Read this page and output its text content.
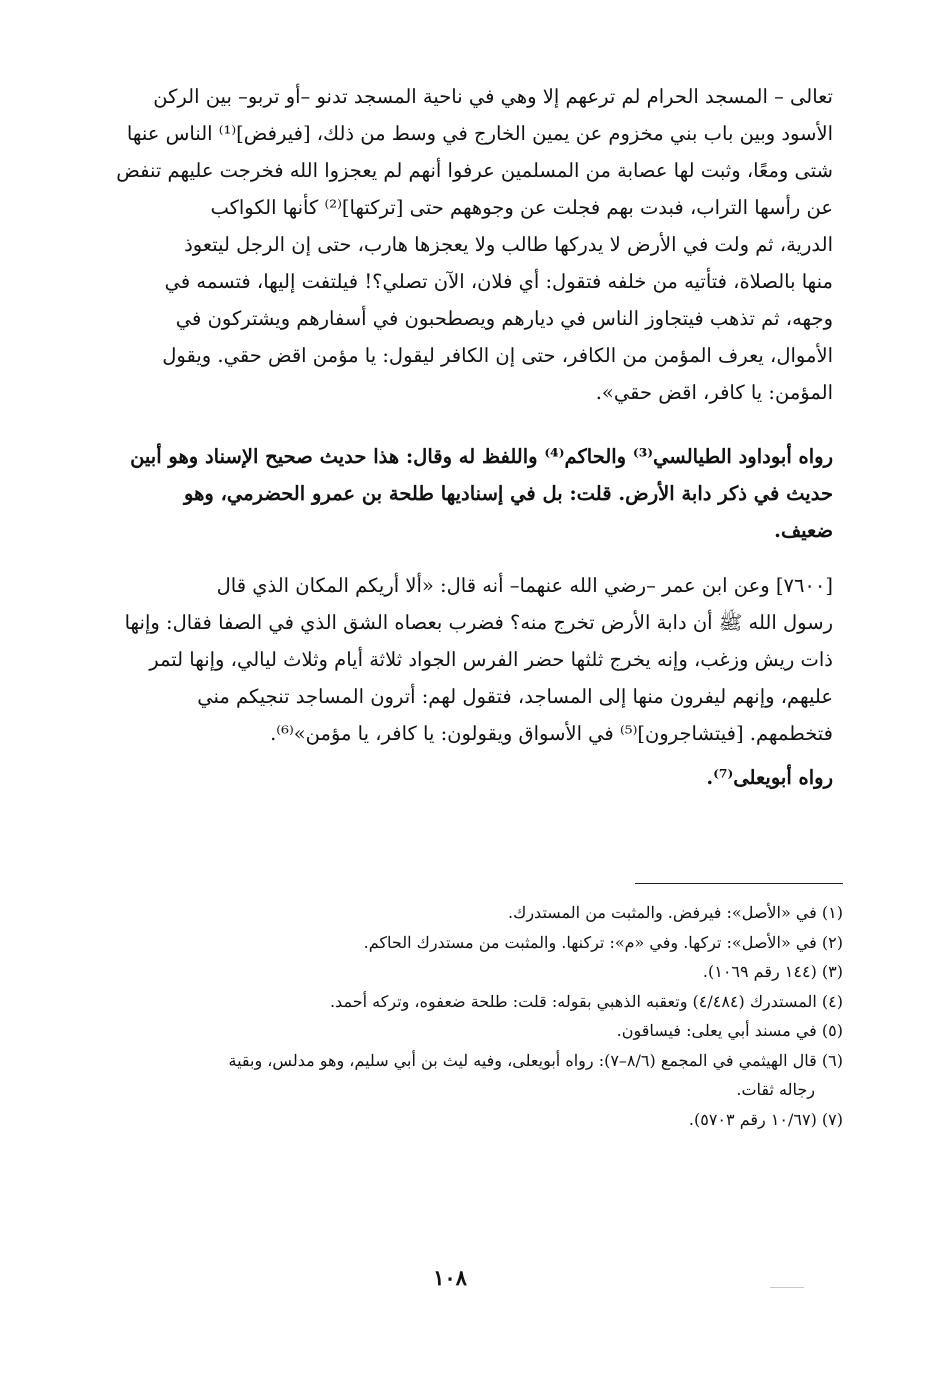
تعالى – المسجد الحرام لم ترعهم إلا وهي في ناحية المسجد تدنو –أو تربو– بين الركن
الأسود وبين باب بني مخزوم عن يمين الخارج في وسط من ذلك، [فيرفض]⁽¹⁾ الناس عنها
شتى ومعًا، وثبت لها عصابة من المسلمين عرفوا أنهم لم يعجزوا الله فخرجت عليهم تنفض
عن رأسها التراب، فبدت بهم فجلت عن وجوههم حتى [تركتها]⁽²⁾ كأنها الكواكب
الدرية، ثم ولت في الأرض لا يدركها طالب ولا يعجزها هارب، حتى إن الرجل ليتعوذ
منها بالصلاة، فتأتيه من خلفه فتقول: أي فلان، الآن تصلي؟! فيلتفت إليها، فتسمه في
وجهه، ثم تذهب فيتجاوز الناس في ديارهم ويصطحبون في أسفارهم ويشتركون في
الأموال، يعرف المؤمن من الكافر، حتى إن الكافر ليقول: يا مؤمن اقض حقي. ويقول
المؤمن: يا كافر، اقض حقي».
رواه أبوداود الطيالسي⁽³⁾ والحاكم⁽⁴⁾ واللفظ له وقال: هذا حديث صحيح الإسناد وهو أبين
حديث في ذكر دابة الأرض. قلت: بل في إسناديها طلحة بن عمرو الحضرمي، وهو
ضعيف.
[٧٦٠٠] وعن ابن عمر –رضي الله عنهما– أنه قال: «ألا أريكم المكان الذي قال
رسول الله ﷺ أن دابة الأرض تخرج منه؟ فضرب بعصاه الشق الذي في الصفا فقال: وإنها
ذات ريش وزغب، وإنه يخرج ثلثها حضر الفرس الجواد ثلاثة أيام وثلاث ليالي، وإنها لتمر
عليهم، وإنهم ليفرون منها إلى المساجد، فتقول لهم: أترون المساجد تنجيكم مني
فتخطمهم. [فيتشاجرون]⁽⁵⁾ في الأسواق ويقولون: يا كافر، يا مؤمن»⁽⁶⁾.
رواه أبويعلى⁽⁷⁾.
(١) في «الأصل»: فيرفض. والمثبت من المستدرك.
(٢) في «الأصل»: تركها. وفي «م»: تركنها. والمثبت من مستدرك الحاكم.
(٣) (١٤٤ رقم ١٠٦٩).
(٤) المستدرك (٤/٤٨٤) وتعقبه الذهبي بقوله: قلت: طلحة ضعفوه، وتركه أحمد.
(٥) في مسند أبي يعلى: فيساقون.
(٦) قال الهيثمي في المجمع (٨/٦–٧): رواه أبويعلى، وفيه ليث بن أبي سليم، وهو مدلس، وبقية
رجاله ثقات.
(٧) (١٠/٦٧ رقم ٥٧٠٣).
١٠٨
